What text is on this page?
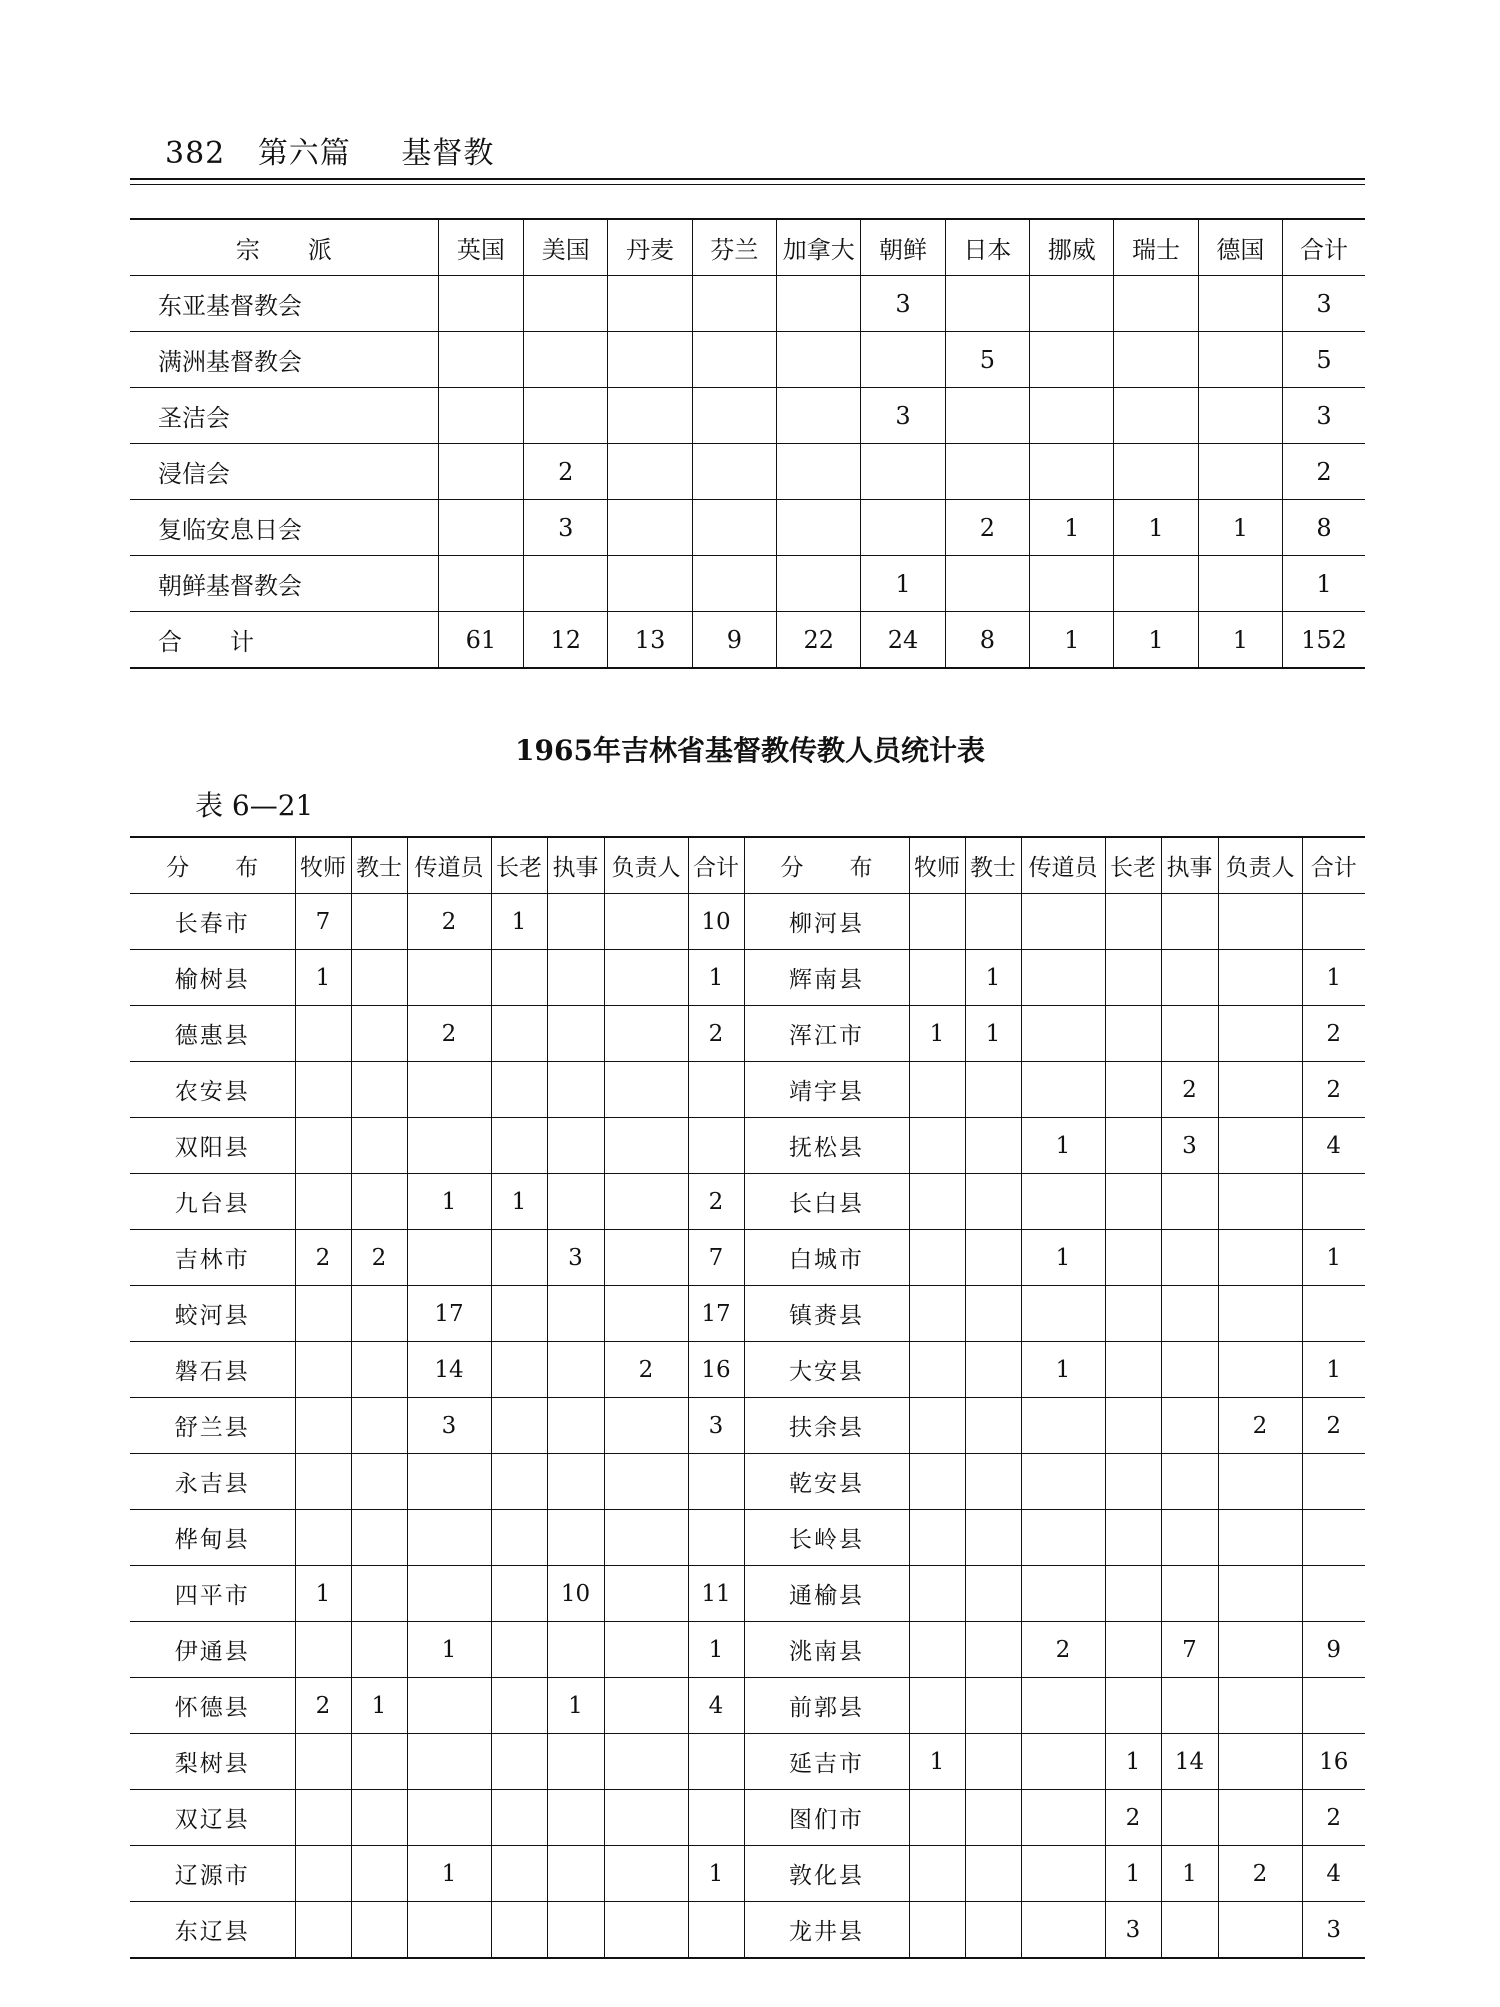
382 第六篇 基督教
宗　　派	英国	美国	丹麦	芬兰	加拿大	朝鲜	日本	挪威	瑞士	德国	合计
东亚基督教会						3					3
满洲基督教会							5				5
圣洁会						3					3
浸信会		2									2
复临安息日会		3					2	1	1	1	8
朝鲜基督教会						1					1
合　　计	61	12	13	9	22	24	8	1	1	1	152
1965年吉林省基督教传教人员统计表
表 6—21
分　　布	牧师	教士	传道员	长老	执事	负责人	合计	分　　布	牧师	教士	传道员	长老	执事	负责人	合计
长春市	7		2	1			10	柳河县							
榆树县	1						1	辉南县		1					1
德惠县			2				2	浑江市	1	1					2
农安县								靖宇县					2		2
双阳县								抚松县			1		3		4
九台县			1	1			2	长白县							
吉林市	2	2			3		7	白城市			1				1
蛟河县			17				17	镇赉县							
磐石县			14			2	16	大安县			1				1
舒兰县			3				3	扶余县						2	2
永吉县								乾安县							
桦甸县								长岭县							
四平市	1				10		11	通榆县							
伊通县			1				1	洮南县			2		7		9
怀德县	2	1			1		4	前郭县							
梨树县								延吉市	1			1	14		16
双辽县								图们市				2			2
辽源市			1				1	敦化县				1	1	2	4
东辽县								龙井县				3			3
